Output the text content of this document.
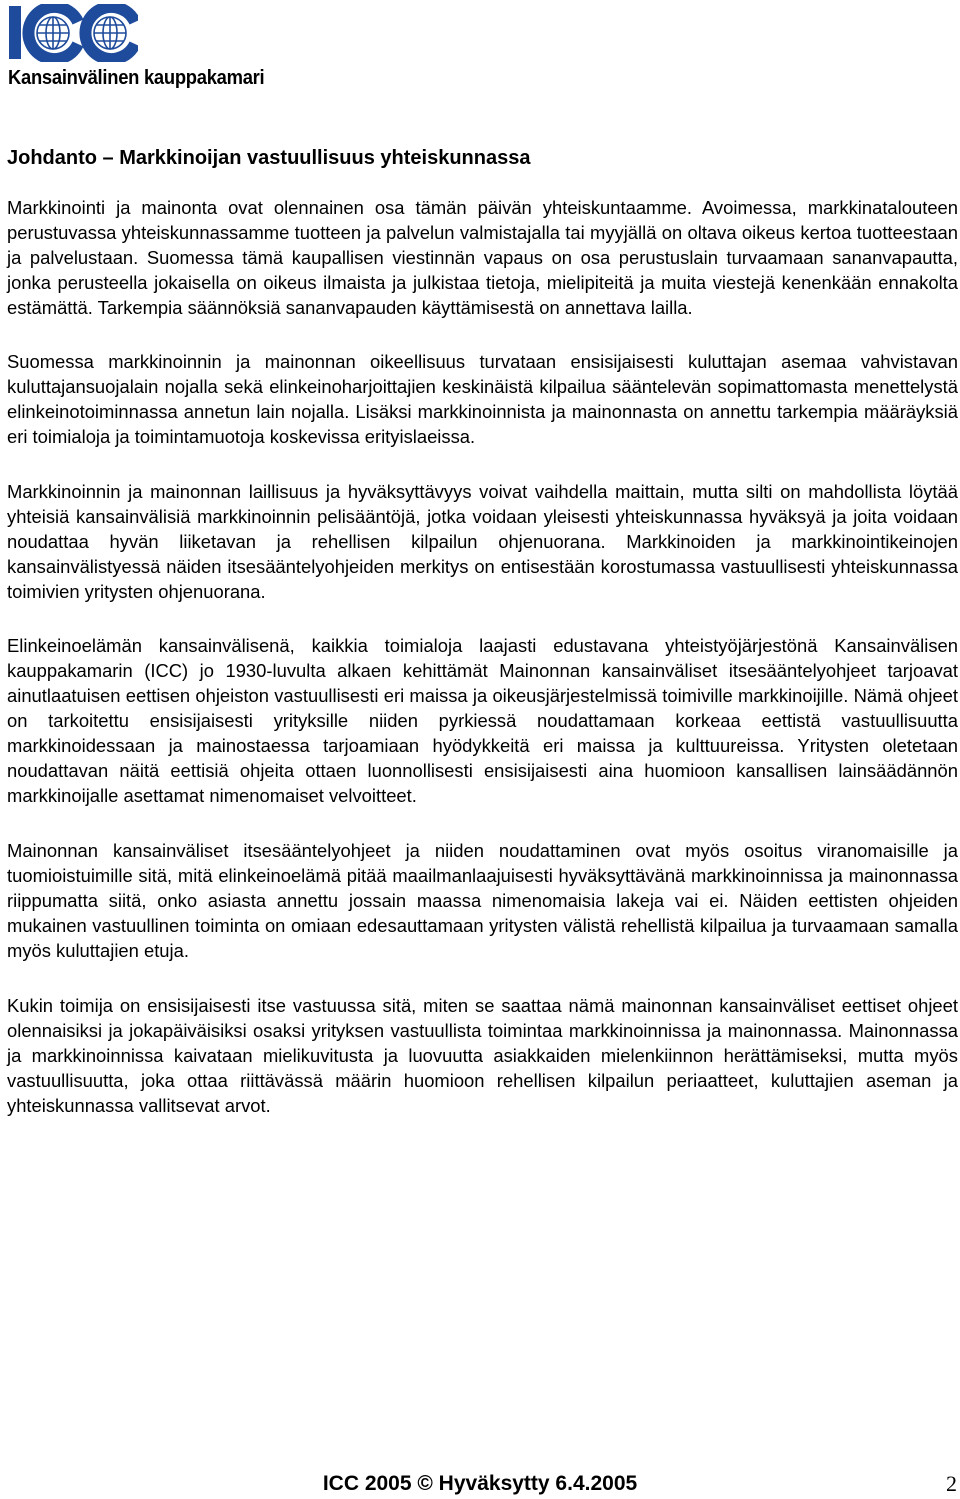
Kansainvälinen kauppakamari
Johdanto – Markkinoijan vastuullisuus yhteiskunnassa

Markkinointi ja mainonta ovat olennainen osa tämän päivän yhteiskuntaamme. Avoimessa, markkinatalouteen perustuvassa yhteiskunnassamme tuotteen ja palvelun valmistajalla tai myyjällä on oltava oikeus kertoa tuotteestaan ja palvelustaan. Suomessa tämä kaupallisen viestinnän vapaus on osa perustuslain turvaamaan sananvapautta, jonka perusteella jokaisella on oikeus ilmaista ja julkistaa tietoja, mielipiteitä ja muita viestejä kenenkään ennakolta estämättä. Tarkempia säännöksiä sananvapauden käyttämisestä on annettava lailla.

Suomessa markkinoinnin ja mainonnan oikeellisuus turvataan ensisijaisesti kuluttajan asemaa vahvistavan kuluttajansuojalain nojalla sekä elinkeinoharjoittajien keskinäistä kilpailua sääntelevän sopimattomasta menettelystä elinkeinotoiminnassa annetun lain nojalla. Lisäksi markkinoinnista ja mainonnasta on annettu tarkempia määräyksiä eri toimialoja ja toimintamuotoja koskevissa erityislaeissa.

Markkinoinnin ja mainonnan laillisuus ja hyväksyttävyys voivat vaihdella maittain, mutta silti on mahdollista löytää yhteisiä kansainvälisiä markkinoinnin pelisääntöjä, jotka voidaan yleisesti yhteiskunnassa hyväksyä ja joita voidaan noudattaa hyvän liiketavan ja rehellisen kilpailun ohjenuorana. Markkinoiden ja markkinointikeinojen kansainvälistyessä näiden itsesääntelyohjeiden merkitys on entisestään korostumassa vastuullisesti yhteiskunnassa toimivien yritysten ohjenuorana.

Elinkeinoelämän kansainvälisenä, kaikkia toimialoja laajasti edustavana yhteistyöjärjestönä Kansainvälisen kauppakamarin (ICC) jo 1930-luvulta alkaen kehittämät Mainonnan kansainväliset itsesääntelyohjeet tarjoavat ainutlaatuisen eettisen ohjeiston vastuullisesti eri maissa ja oikeusjärjestelmissä toimiville markkinoijille. Nämä ohjeet on tarkoitettu ensisijaisesti yrityksille niiden pyrkiessä noudattamaan korkeaa eettistä vastuullisuutta markkinoidessaan ja mainostaessa tarjoamiaan hyödykkeitä eri maissa ja kulttuureissa. Yritysten oletetaan noudattavan näitä eettisiä ohjeita ottaen luonnollisesti ensisijaisesti aina huomioon kansallisen lainsäädännön markkinoijalle asettamat nimenomaiset velvoitteet.

Mainonnan kansainväliset itsesääntelyohjeet ja niiden noudattaminen ovat myös osoitus viranomaisille ja tuomioistuimille sitä, mitä elinkeinoelämä pitää maailmanlaajuisesti hyväksyttävänä markkinoinnissa ja mainonnassa riippumatta siitä, onko asiasta annettu jossain maassa nimenomaisia lakeja vai ei. Näiden eettisten ohjeiden mukainen vastuullinen toiminta on omiaan edesauttamaan yritysten välistä rehellistä kilpailua ja turvaamaan samalla myös kuluttajien etuja.

Kukin toimija on ensisijaisesti itse vastuussa sitä, miten se saattaa nämä mainonnan kansainväliset eettiset ohjeet olennaisiksi ja jokapäiväisiksi osaksi yrityksen vastuullista toimintaa markkinoinnissa ja mainonnassa. Mainonnassa ja markkinoinnissa kaivataan mielikuvitusta ja luovuutta asiakkaiden mielenkiinnon herättämiseksi, mutta myös vastuullisuutta, joka ottaa riittävässä määrin huomioon rehellisen kilpailun periaatteet, kuluttajien aseman ja yhteiskunnassa vallitsevat arvot.

ICC 2005 © Hyväksytty 6.4.2005	2
